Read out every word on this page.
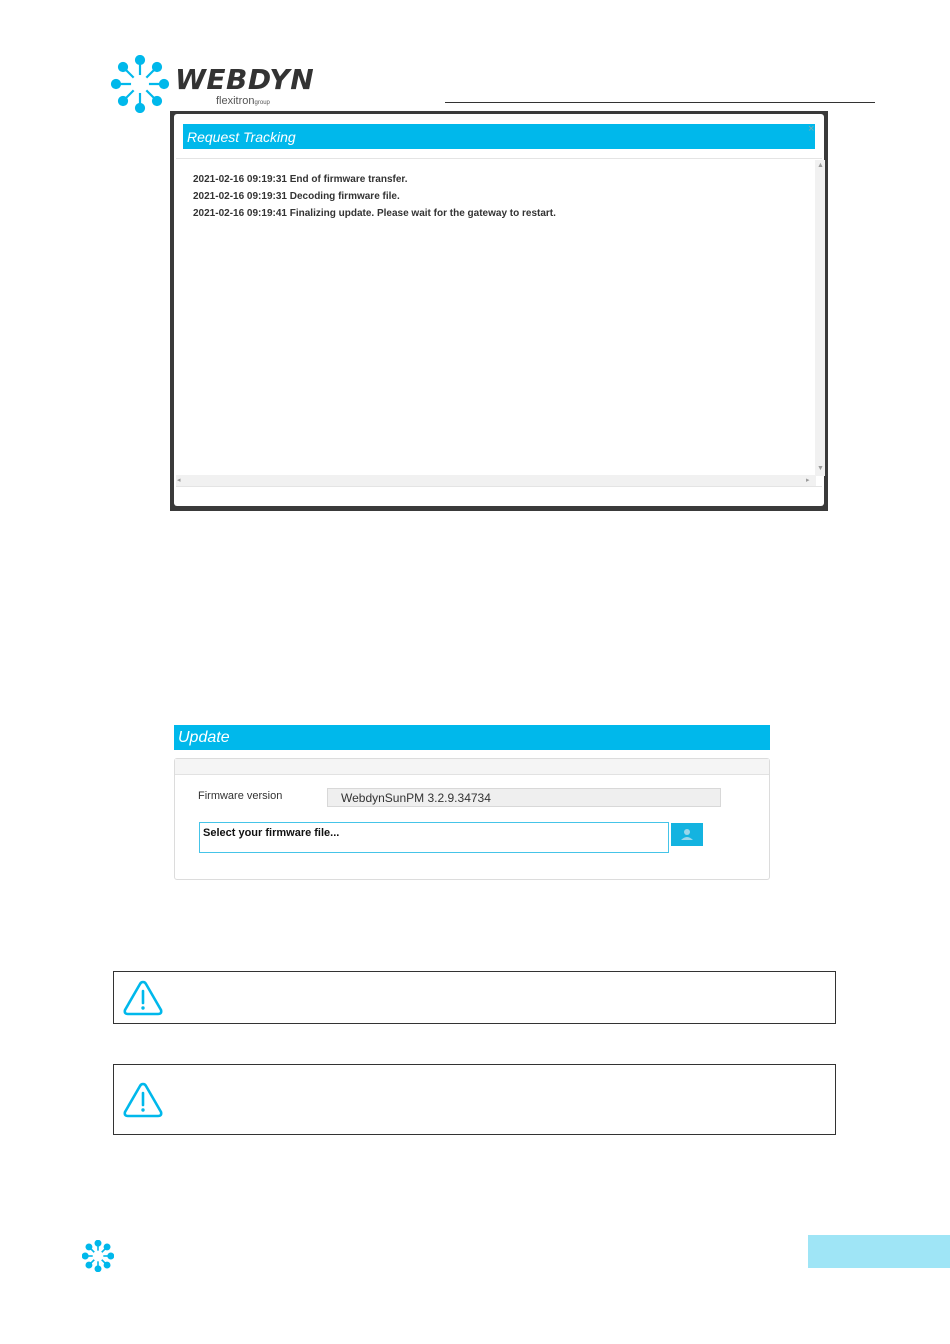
WEBDYN
flexitrongroup
Request Tracking	×
2021-02-16 09:19:31 End of firmware transfer.
2021-02-16 09:19:31 Decoding firmware file.
2021-02-16 09:19:41 Finalizing update. Please wait for the gateway to restart.
▲
▼
◂	▸
Update
Firmware version	WebdynSunPM 3.2.9.34734
Select your firmware file...
